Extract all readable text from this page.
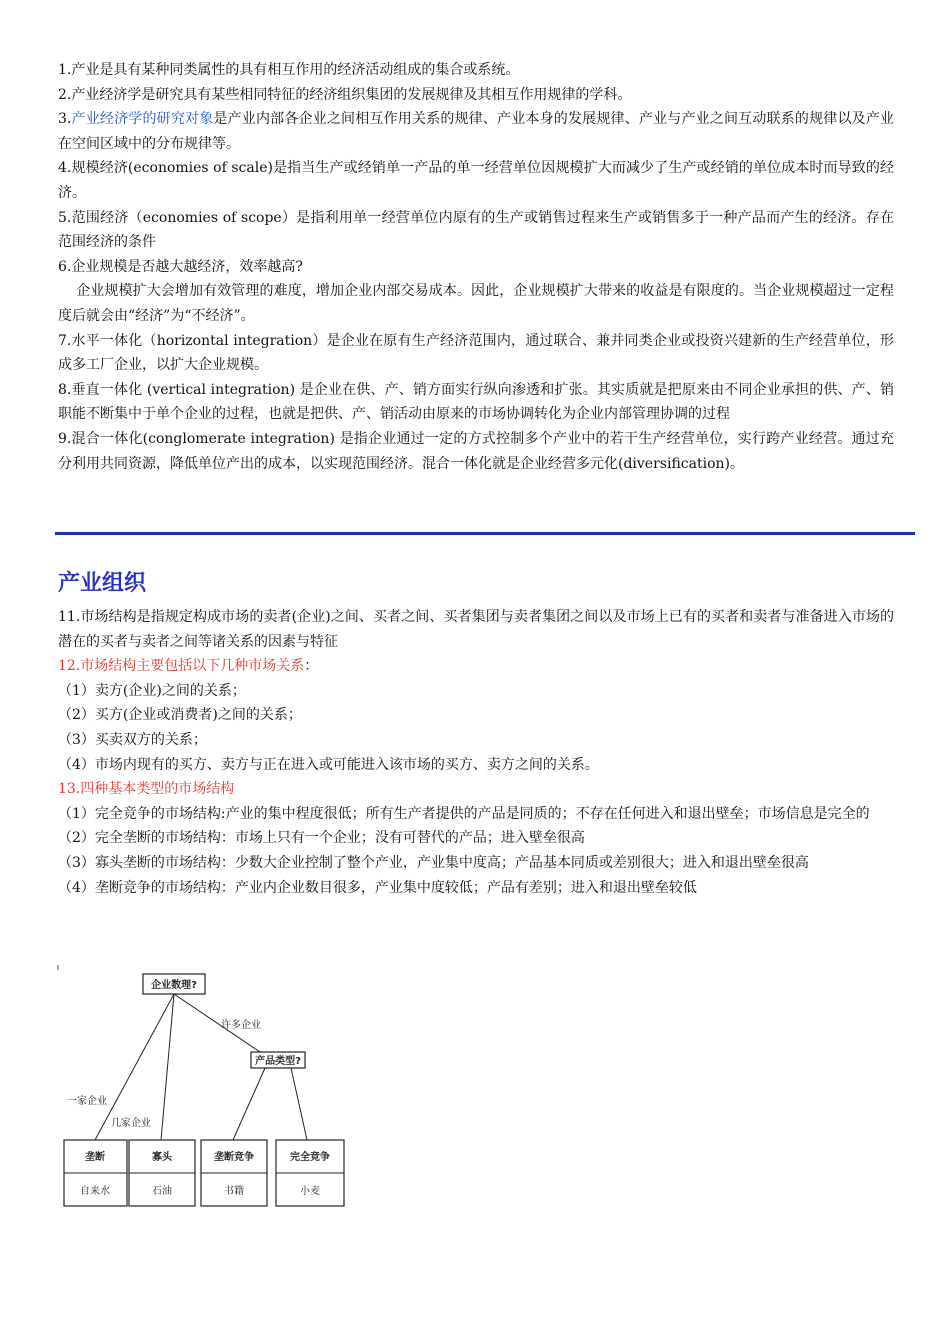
1.产业是具有某种同类属性的具有相互作用的经济活动组成的集合或系统。

2.产业经济学是研究具有某些相同特征的经济组织集团的发展规律及其相互作用规律的学科。

3.产业经济学的研究对象是产业内部各企业之间相互作用关系的规律、产业本身的发展规律、产业与产业之间互动联系的规律以及产业在空间区域中的分布规律等。

4.规模经济(economies of scale)是指当生产或经销单一产品的单一经营单位因规模扩大而减少了生产或经销的单位成本时而导致的经济。

5.范围经济（economies of scope）是指利用单一经营单位内原有的生产或销售过程来生产或销售多于一种产品而产生的经济。存在范围经济的条件

6.企业规模是否越大越经济，效率越高?

企业规模扩大会增加有效管理的难度，增加企业内部交易成本。因此，企业规模扩大带来的收益是有限度的。当企业规模超过一定程度后就会由“经济”为“不经济”。

7.水平一体化（horizontal integration）是企业在原有生产经济范围内，通过联合、兼并同类企业或投资兴建新的生产经营单位，形成多工厂企业，以扩大企业规模。

8.垂直一体化 (vertical integration) 是企业在供、产、销方面实行纵向渗透和扩张。其实质就是把原来由不同企业承担的供、产、销职能不断集中于单个企业的过程，也就是把供、产、销活动由原来的市场协调转化为企业内部管理协调的过程

9.混合一体化(conglomerate integration) 是指企业通过一定的方式控制多个产业中的若干生产经营单位，实行跨产业经营。通过充分利用共同资源，降低单位产出的成本，以实现范围经济。混合一体化就是企业经营多元化(diversification)。

产业组织

11.市场结构是指规定构成市场的卖者(企业)之间、买者之间、买者集团与卖者集团之间以及市场上已有的买者和卖者与准备进入市场的潜在的买者与卖者之间等诸关系的因素与特征

12.市场结构主要包括以下几种市场关系：

（1）卖方(企业)之间的关系；

（2）买方(企业或消费者)之间的关系；

（3）买卖双方的关系；

（4）市场内现有的买方、卖方与正在进入或可能进入该市场的买方、卖方之间的关系。

13.四种基本类型的市场结构

（1）完全竞争的市场结构:产业的集中程度很低；所有生产者提供的产品是同质的；不存在任何进入和退出壁垒；市场信息是完全的

（2）完全垄断的市场结构：市场上只有一个企业；没有可替代的产品；进入壁垒很高

（3）寡头垄断的市场结构：少数大企业控制了整个产业，产业集中度高；产品基本同质或差别很大；进入和退出壁垒很高

（4）垄断竞争的市场结构：产业内企业数目很多，产业集中度较低；产品有差别；进入和退出壁垒较低

企业数理?
产品类型?
许多企业
一家企业
几家企业
垄断
自来水
寡头
石油
垄断竞争
书籍
完全竞争
小麦
